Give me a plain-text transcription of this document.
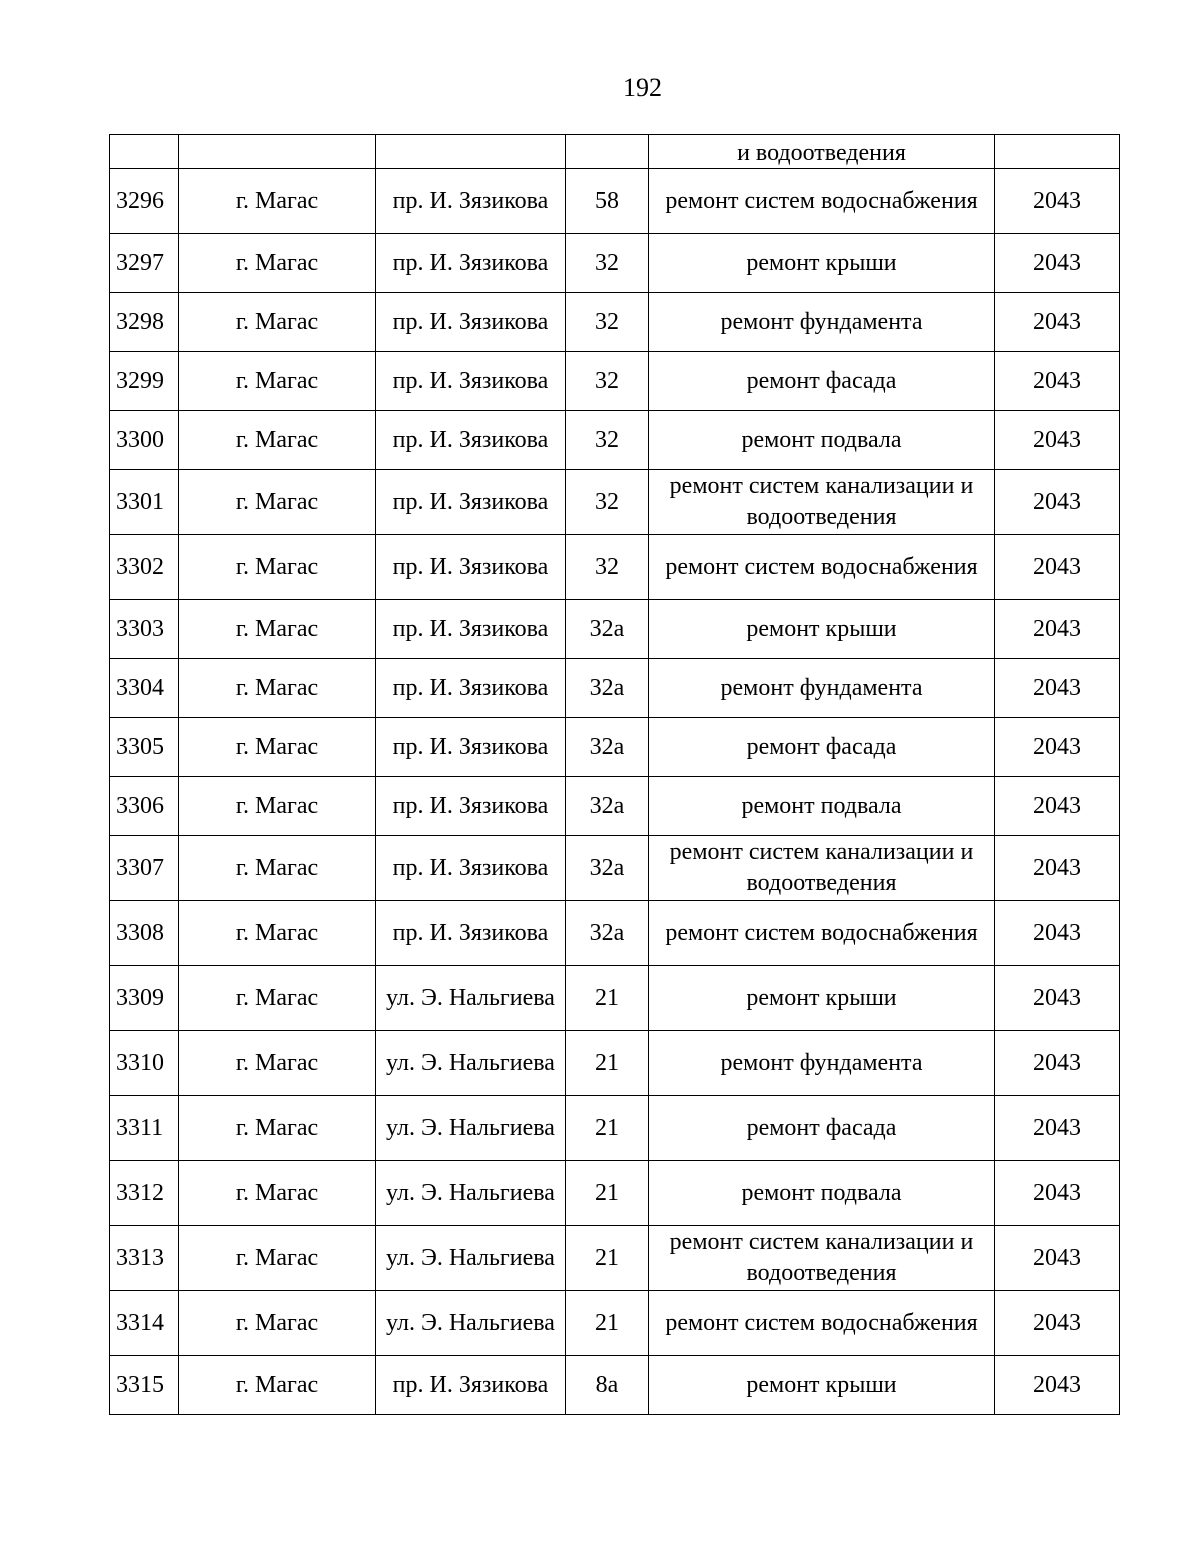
192
				и водоотведения	
3296	г. Магас	пр. И. Зязикова	58	ремонт систем водоснабжения	2043
3297	г. Магас	пр. И. Зязикова	32	ремонт крыши	2043
3298	г. Магас	пр. И. Зязикова	32	ремонт фундамента	2043
3299	г. Магас	пр. И. Зязикова	32	ремонт фасада	2043
3300	г. Магас	пр. И. Зязикова	32	ремонт подвала	2043
3301	г. Магас	пр. И. Зязикова	32	ремонт систем канализации и водоотведения	2043
3302	г. Магас	пр. И. Зязикова	32	ремонт систем водоснабжения	2043
3303	г. Магас	пр. И. Зязикова	32а	ремонт крыши	2043
3304	г. Магас	пр. И. Зязикова	32а	ремонт фундамента	2043
3305	г. Магас	пр. И. Зязикова	32а	ремонт фасада	2043
3306	г. Магас	пр. И. Зязикова	32а	ремонт подвала	2043
3307	г. Магас	пр. И. Зязикова	32а	ремонт систем канализации и водоотведения	2043
3308	г. Магас	пр. И. Зязикова	32а	ремонт систем водоснабжения	2043
3309	г. Магас	ул. Э. Нальгиева	21	ремонт крыши	2043
3310	г. Магас	ул. Э. Нальгиева	21	ремонт фундамента	2043
3311	г. Магас	ул. Э. Нальгиева	21	ремонт фасада	2043
3312	г. Магас	ул. Э. Нальгиева	21	ремонт подвала	2043
3313	г. Магас	ул. Э. Нальгиева	21	ремонт систем канализации и водоотведения	2043
3314	г. Магас	ул. Э. Нальгиева	21	ремонт систем водоснабжения	2043
3315	г. Магас	пр. И. Зязикова	8а	ремонт крыши	2043
